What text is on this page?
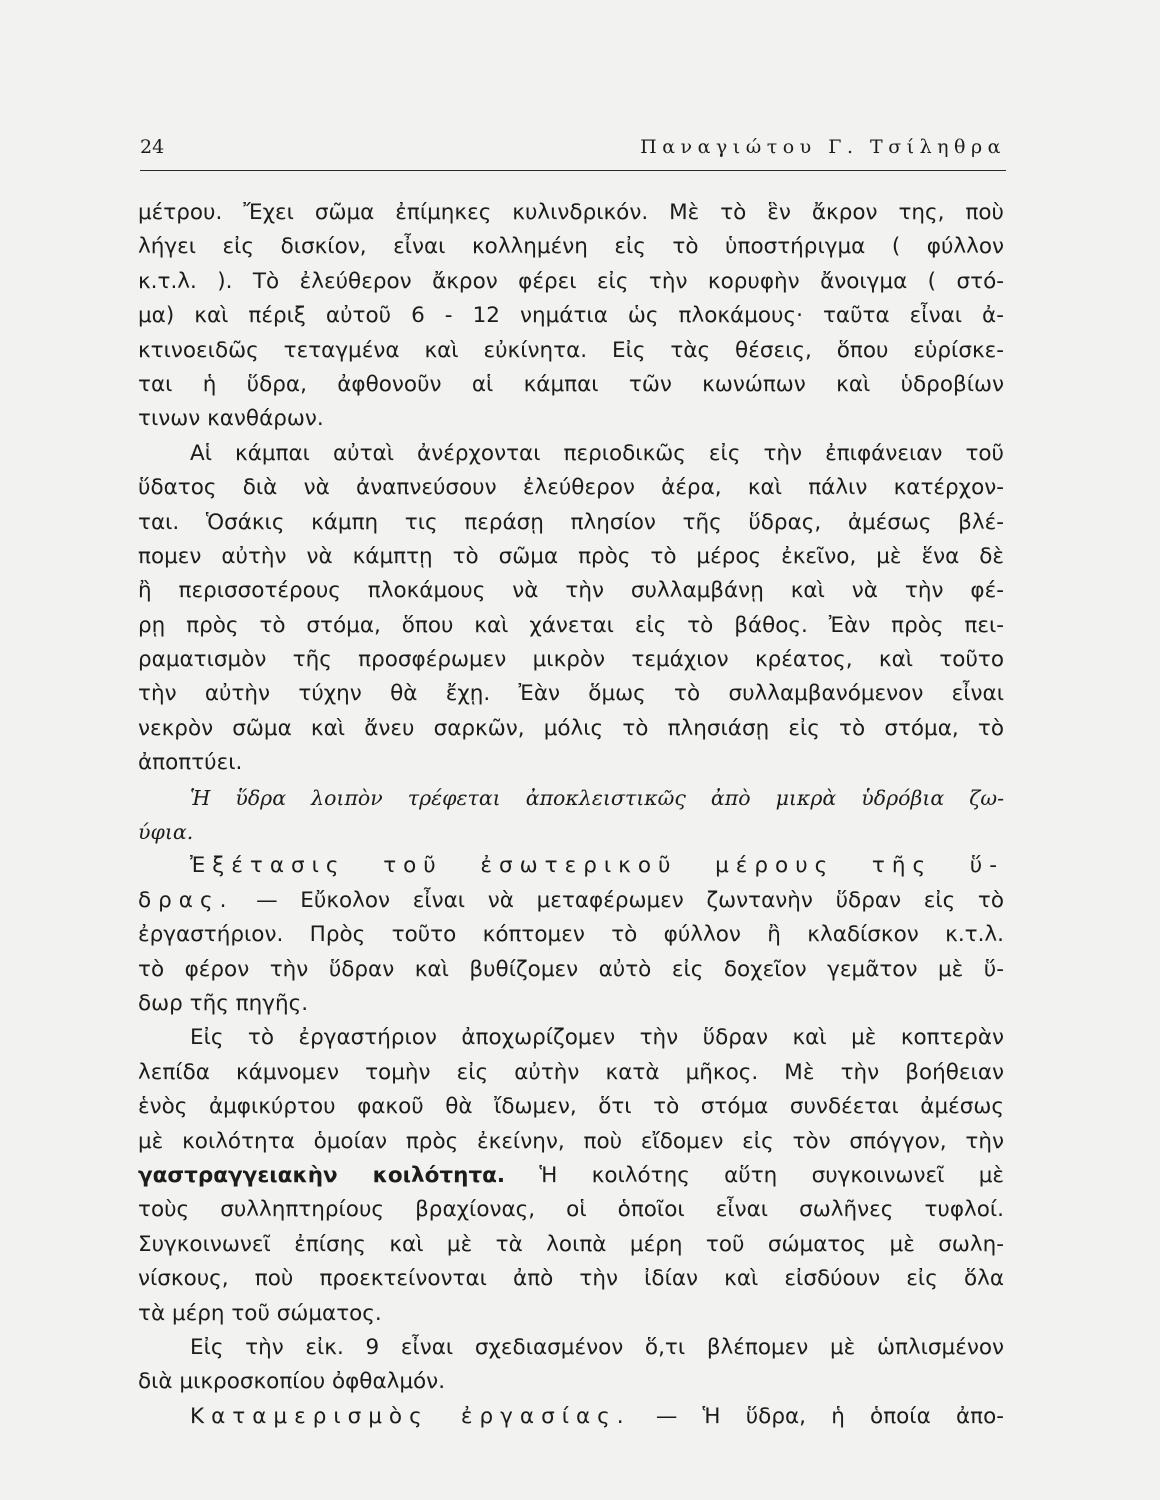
24	Παναγιώτου Γ. Τσίληθρα
μέτρου. Ἔχει σῶμα ἐπίμηκες κυλινδρικόν. Μὲ τὸ ἓν ἄκρον της, ποὺ
λήγει εἰς δισκίον, εἶναι κολλημένη εἰς τὸ ὑποστήριγμα ( φύλλον
κ.τ.λ. ). Τὸ ἐλεύθερον ἄκρον φέρει εἰς τὴν κορυφὴν ἄνοιγμα ( στό-
μα) καὶ πέριξ αὐτοῦ 6 - 12 νημάτια ὡς πλοκάμους· ταῦτα εἶναι ἀ-
κτινοειδῶς τεταγμένα καὶ εὐκίνητα. Εἰς τὰς θέσεις, ὅπου εὑρίσκε-
ται ἡ ὕδρα, ἀφθονοῦν αἱ κάμπαι τῶν κωνώπων καὶ ὑδροβίων
τινων κανθάρων.
Αἱ κάμπαι αὐταὶ ἀνέρχονται περιοδικῶς εἰς τὴν ἐπιφάνειαν τοῦ
ὕδατος διὰ νὰ ἀναπνεύσουν ἐλεύθερον ἀέρα, καὶ πάλιν κατέρχον-
ται. Ὁσάκις κάμπη τις περάσῃ πλησίον τῆς ὕδρας, ἀμέσως βλέ-
πομεν αὐτὴν νὰ κάμπτῃ τὸ σῶμα πρὸς τὸ μέρος ἐκεῖνο, μὲ ἕνα δὲ
ἢ περισσοτέρους πλοκάμους νὰ τὴν συλλαμβάνῃ καὶ νὰ τὴν φέ-
ρῃ πρὸς τὸ στόμα, ὅπου καὶ χάνεται εἰς τὸ βάθος. Ἐὰν πρὸς πει-
ραματισμὸν τῆς προσφέρωμεν μικρὸν τεμάχιον κρέατος, καὶ τοῦτο
τὴν αὐτὴν τύχην θὰ ἔχῃ. Ἐὰν ὅμως τὸ συλλαμβανόμενον εἶναι
νεκρὸν σῶμα καὶ ἄνευ σαρκῶν, μόλις τὸ πλησιάσῃ εἰς τὸ στόμα, τὸ
ἀποπτύει.
Ἡ ὕδρα λοιπὸν τρέφεται ἀποκλειστικῶς ἀπὸ μικρὰ ὑδρόβια ζω-
ύφια.
Ἐξέτασις τοῦ ἐσωτερικοῦ μέρους τῆς ὕ-
δρας. — Εὔκολον εἶναι νὰ μεταφέρωμεν ζωντανὴν ὕδραν εἰς τὸ
ἐργαστήριον. Πρὸς τοῦτο κόπτομεν τὸ φύλλον ἢ κλαδίσκον κ.τ.λ.
τὸ φέρον τὴν ὕδραν καὶ βυθίζομεν αὐτὸ εἰς δοχεῖον γεμᾶτον μὲ ὕ-
δωρ τῆς πηγῆς.
Εἰς τὸ ἐργαστήριον ἀποχωρίζομεν τὴν ὕδραν καὶ μὲ κοπτερὰν
λεπίδα κάμνομεν τομὴν εἰς αὐτὴν κατὰ μῆκος. Μὲ τὴν βοήθειαν
ἑνὸς ἀμφικύρτου φακοῦ θὰ ἴδωμεν, ὅτι τὸ στόμα συνδέεται ἀμέσως
μὲ κοιλότητα ὁμοίαν πρὸς ἐκείνην, ποὺ εἴδομεν εἰς τὸν σπόγγον, τὴν
γαστραγγειακὴν κοιλότητα. Ἡ κοιλότης αὕτη συγκοινωνεῖ μὲ
τοὺς συλληπτηρίους βραχίονας, οἱ ὁποῖοι εἶναι σωλῆνες τυφλοί.
Συγκοινωνεῖ ἐπίσης καὶ μὲ τὰ λοιπὰ μέρη τοῦ σώματος μὲ σωλη-
νίσκους, ποὺ προεκτείνονται ἀπὸ τὴν ἰδίαν καὶ εἰσδύουν εἰς ὅλα
τὰ μέρη τοῦ σώματος.
Εἰς τὴν εἰκ. 9 εἶναι σχεδιασμένον ὅ,τι βλέπομεν μὲ ὡπλισμένον
διὰ μικροσκοπίου ὀφθαλμόν.
Καταμερισμὸς ἐργασίας. — Ἡ ὕδρα, ἡ ὁποία ἀπο-
